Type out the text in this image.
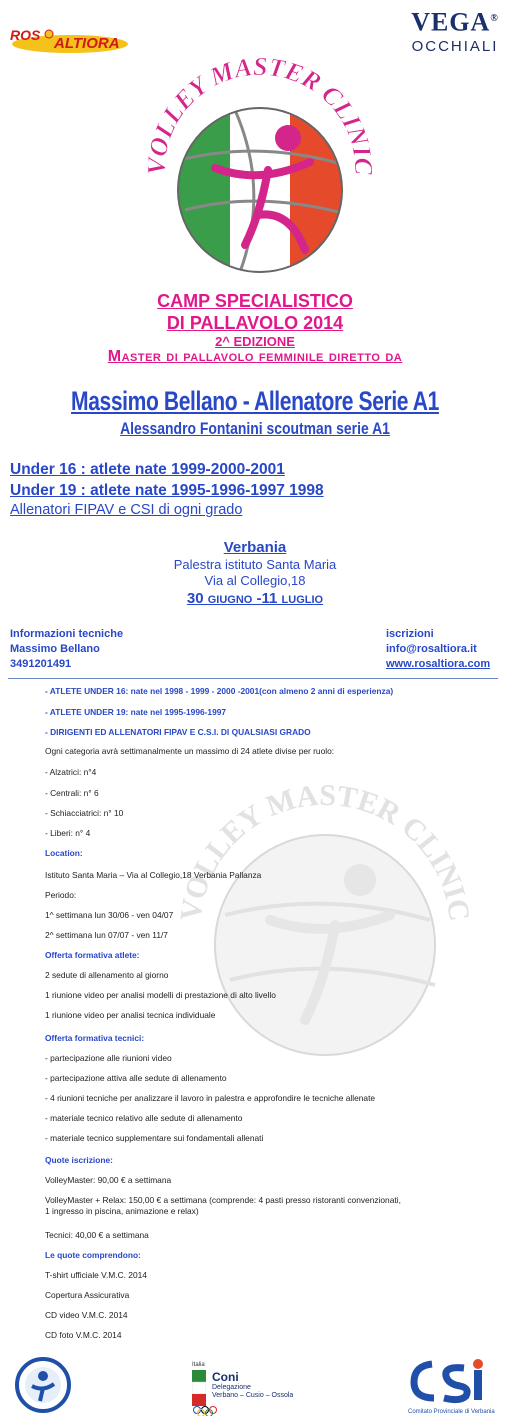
ROS ALTIORA
VEGA®
OCCHIALI
VOLLEY MASTER CLINIC
CAMP SPECIALISTICO
DI PALLAVOLO 2014
2^ EDIZIONE
Master di pallavolo femminile diretto da
Massimo Bellano - Allenatore Serie A1
Alessandro Fontanini scoutman serie A1
Under 16 : atlete nate 1999-2000-2001
Under 19 : atlete nate 1995-1996-1997 1998
Allenatori FIPAV e CSI di ogni grado
Verbania
Palestra istituto Santa Maria
Via al Collegio,18
30 giugno -11 luglio
Informazioni tecniche
Massimo Bellano
3491201491
iscrizioni
info@rosaltiora.it
www.rosaltiora.com
OLLEY MASTER CLINI
- ATLETE UNDER 16: nate nel 1998 - 1999 - 2000 -2001(con almeno 2 anni di esperienza)
- ATLETE UNDER 19: nate nel 1995-1996-1997
- DIRIGENTI ED ALLENATORI FIPAV E C.S.I. DI QUALSIASI GRADO
Ogni categoria avrà settimanalmente un massimo di 24 atlete divise per ruolo:
- Alzatrici: n°4
- Centrali: n° 6
- Schiacciatrici: n° 10
- Liberi: n° 4
Location:
Istituto Santa Maria – Via al Collegio,18 Verbania Pallanza
Periodo:
1^ settimana lun 30/06 - ven 04/07
2^ settimana lun 07/07 - ven 11/7
Offerta formativa atlete:
2 sedute di allenamento al giorno
1 riunione video per analisi modelli di prestazione di alto livello
1 riunione video per analisi tecnica individuale
Offerta formativa tecnici:
- partecipazione alle riunioni video
- partecipazione attiva alle sedute di allenamento
- 4 riunioni tecniche per analizzare il lavoro in palestra e approfondire le tecniche allenate
- materiale tecnico relativo alle sedute di allenamento
- materiale tecnico supplementare sui fondamentali allenati
Quote iscrizione:
VolleyMaster: 90,00 € a settimana
VolleyMaster + Relax: 150,00 € a settimana (comprende: 4 pasti presso ristoranti convenzionati,
1 ingresso in piscina, animazione e relax)
Tecnici: 40,00 € a settimana
Le quote comprendono:
T-shirt ufficiale V.M.C. 2014
Copertura Assicurativa
CD video V.M.C. 2014
CD foto V.M.C. 2014
Italia
Coni
Delegazione
Verbano – Cusio – Ossola
Comitato Provinciale di Verbania
